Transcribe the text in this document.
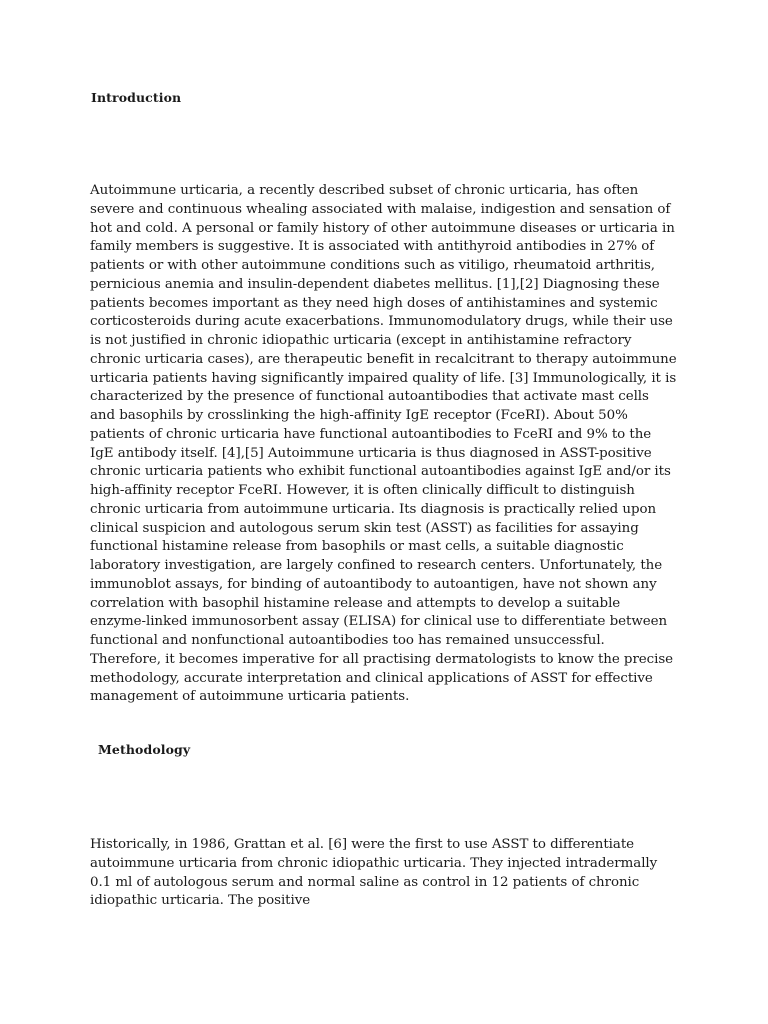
Introduction

Autoimmune urticaria, a recently described subset of chronic urticaria, has often severe and continuous whealing associated with malaise, indigestion and sensation of hot and cold. A personal or family history of other autoimmune diseases or urticaria in family members is suggestive. It is associated with antithyroid antibodies in 27% of patients or with other autoimmune conditions such as vitiligo, rheumatoid arthritis, pernicious anemia and insulin-dependent diabetes mellitus. [1],[2] Diagnosing these patients becomes important as they need high doses of antihistamines and systemic corticosteroids during acute exacerbations. Immunomodulatory drugs, while their use is not justified in chronic idiopathic urticaria (except in antihistamine refractory chronic urticaria cases), are therapeutic benefit in recalcitrant to therapy autoimmune urticaria patients having significantly impaired quality of life. [3] Immunologically, it is characterized by the presence of functional autoantibodies that activate mast cells and basophils by crosslinking the high-affinity IgE receptor (FceRI). About 50% patients of chronic urticaria have functional autoantibodies to FceRI and 9% to the IgE antibody itself. [4],[5] Autoimmune urticaria is thus diagnosed in ASST-positive chronic urticaria patients who exhibit functional autoantibodies against IgE and/or its high-affinity receptor FceRI. However, it is often clinically difficult to distinguish chronic urticaria from autoimmune urticaria. Its diagnosis is practically relied upon clinical suspicion and autologous serum skin test (ASST) as facilities for assaying functional histamine release from basophils or mast cells, a suitable diagnostic laboratory investigation, are largely confined to research centers. Unfortunately, the immunoblot assays, for binding of autoantibody to autoantigen, have not shown any correlation with basophil histamine release and attempts to develop a suitable enzyme-linked immunosorbent assay (ELISA) for clinical use to differentiate between functional and nonfunctional autoantibodies too has remained unsuccessful. Therefore, it becomes imperative for all practising dermatologists to know the precise methodology, accurate interpretation and clinical applications of ASST for effective management of autoimmune urticaria patients.

Methodology

Historically, in 1986, Grattan et al. [6] were the first to use ASST to differentiate autoimmune urticaria from chronic idiopathic urticaria. They injected intradermally 0.1 ml of autologous serum and normal saline as control in 12 patients of chronic idiopathic urticaria. The positive
